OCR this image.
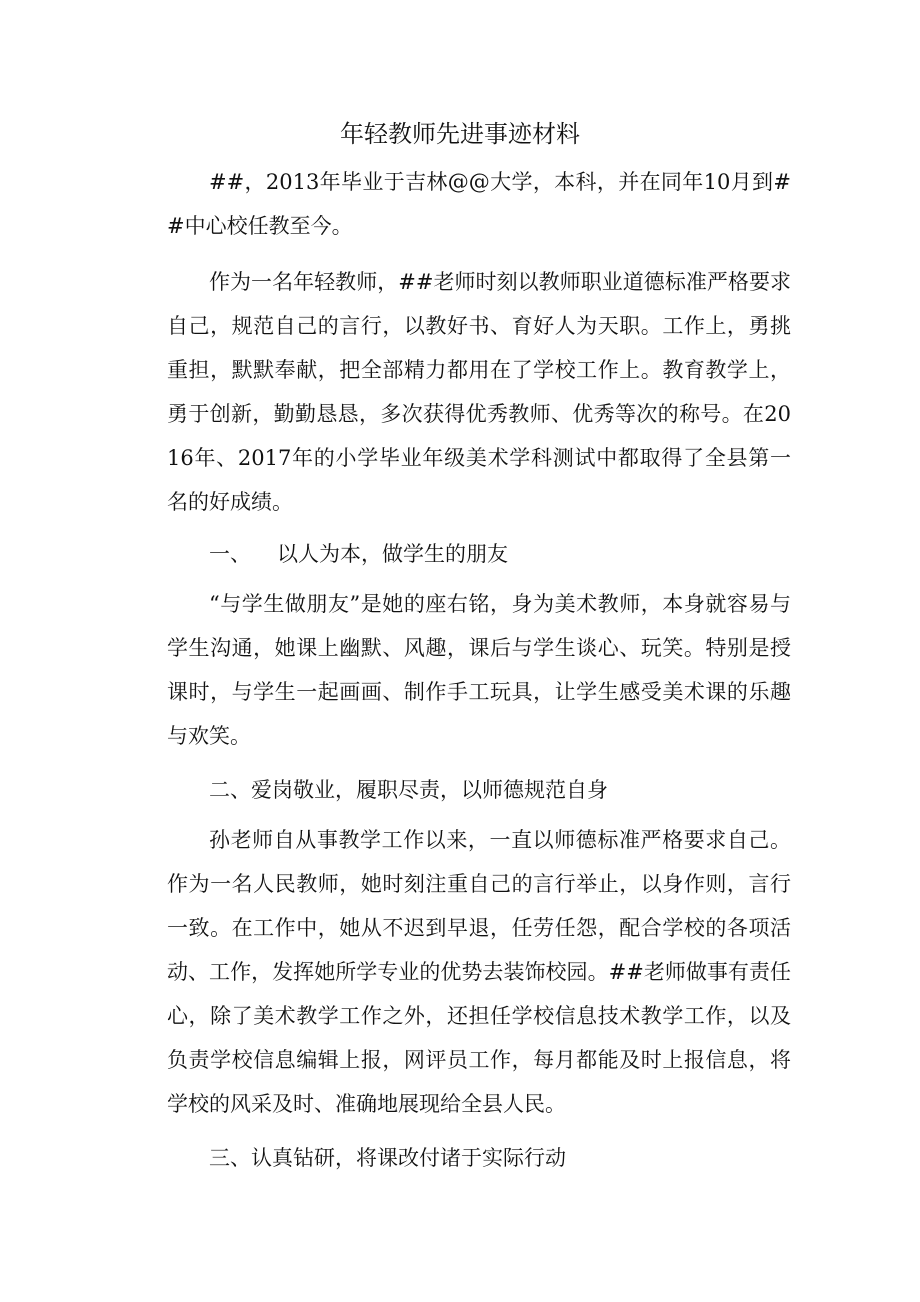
年轻教师先进事迹材料

##，2013年毕业于吉林@@大学，本科，并在同年10月到##中心校任教至今。

作为一名年轻教师，##老师时刻以教师职业道德标准严格要求自己，规范自己的言行，以教好书、育好人为天职。工作上，勇挑重担，默默奉献，把全部精力都用在了学校工作上。教育教学上，勇于创新，勤勤恳恳，多次获得优秀教师、优秀等次的称号。在2016年、2017年的小学毕业年级美术学科测试中都取得了全县第一名的好成绩。

一、 以人为本，做学生的朋友

“与学生做朋友”是她的座右铭，身为美术教师，本身就容易与学生沟通，她课上幽默、风趣，课后与学生谈心、玩笑。特别是授课时，与学生一起画画、制作手工玩具，让学生感受美术课的乐趣与欢笑。

二、爱岗敬业，履职尽责，以师德规范自身

孙老师自从事教学工作以来，一直以师德标准严格要求自己。作为一名人民教师，她时刻注重自己的言行举止，以身作则，言行一致。在工作中，她从不迟到早退，任劳任怨，配合学校的各项活动、工作，发挥她所学专业的优势去装饰校园。##老师做事有责任心，除了美术教学工作之外，还担任学校信息技术教学工作，以及负责学校信息编辑上报，网评员工作，每月都能及时上报信息，将学校的风采及时、准确地展现给全县人民。

三、认真钻研，将课改付诸于实际行动
